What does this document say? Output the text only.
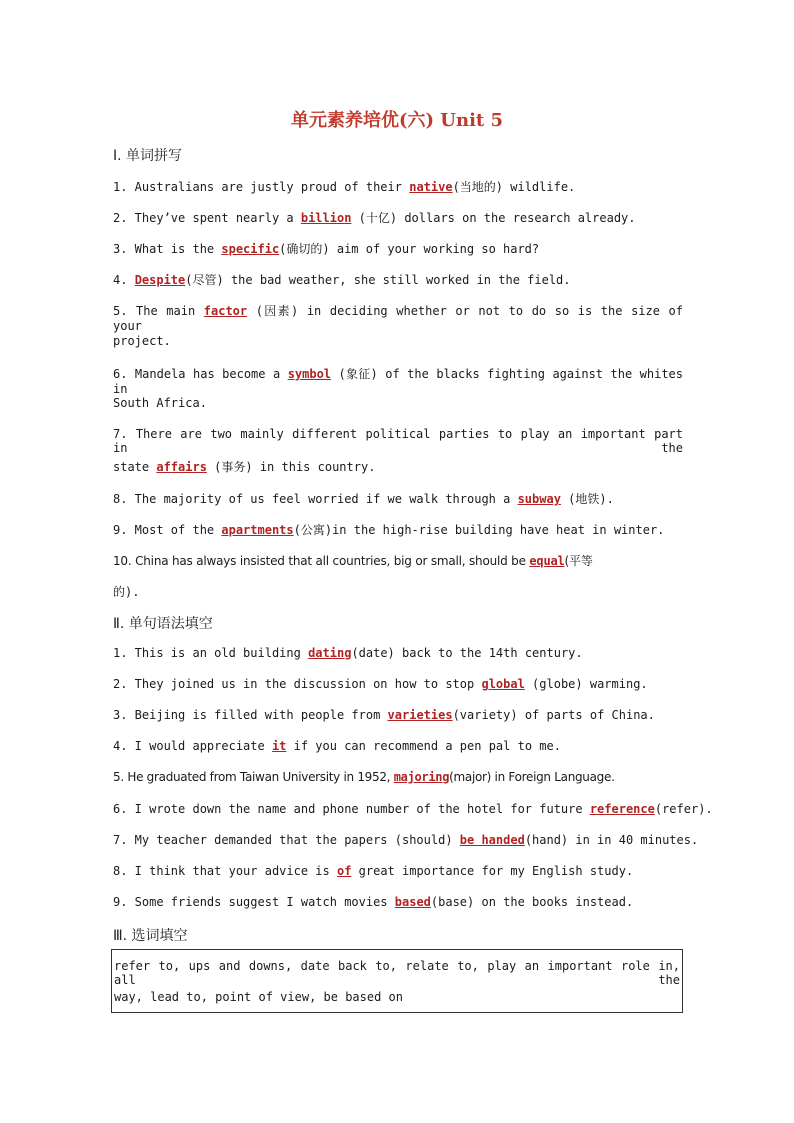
单元素养培优(六) Unit 5
Ⅰ. 单词拼写
1. Australians are justly proud of their native(当地的) wildlife.
2. They’ve spent nearly a billion (十亿) dollars on the research already.
3. What is the specific(确切的) aim of your working so hard?
4. Despite(尽管) the bad weather, she still worked in the field.
5. The main factor (因素) in deciding whether or not to do so is the size of your
project.
6. Mandela has become a symbol (象征) of the blacks fighting against the whites in
South Africa.
7. There are two mainly different political parties to play an important part in the
state affairs (事务) in this country.
8. The majority of us feel worried if we walk through a subway (地铁).
9. Most of the apartments(公寓)in the high-rise building have heat in winter.
10. China has always insisted that all countries, big or small, should be equal(平等
的).
Ⅱ. 单句语法填空
1. This is an old building dating(date) back to the 14th century.
2. They joined us in the discussion on how to stop global (globe) warming.
3. Beijing is filled with people from varieties(variety) of parts of China.
4. I would appreciate it if you can recommend a pen pal to me.
5. He graduated from Taiwan University in 1952, majoring(major) in Foreign Language.
6. I wrote down the name and phone number of the hotel for future reference(refer).
7. My teacher demanded that the papers (should) be handed(hand) in in 40 minutes.
8. I think that your advice is of great importance for my English study.
9. Some friends suggest I watch movies based(base) on the books instead.
Ⅲ. 选词填空
refer to, ups and downs, date back to, relate to, play an important role in, all the
way, lead to, point of view, be based on
